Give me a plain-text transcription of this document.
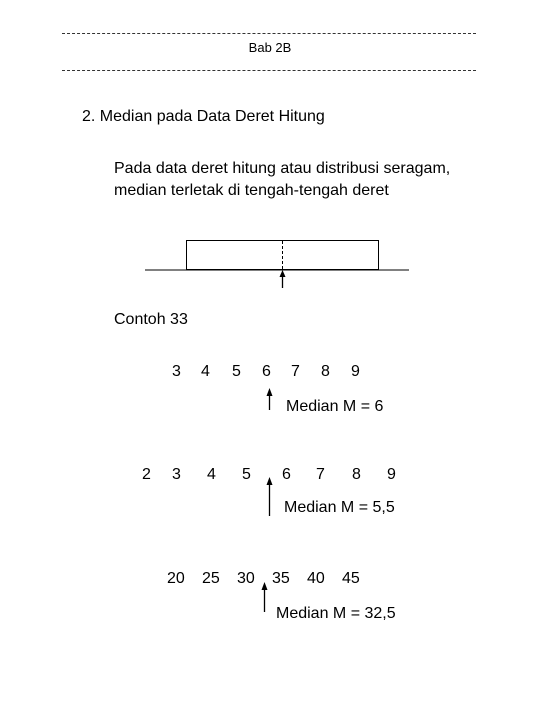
Bab 2B
2. Median pada Data Deret Hitung
Pada data deret hitung atau distribusi seragam,
median terletak di tengah-tengah deret
Contoh 33
3 4 5 6 7 8 9
Median M = 6
2 3 4 5 6 7 8 9
Median M = 5,5
20 25 30 35 40 45
Median M = 32,5
